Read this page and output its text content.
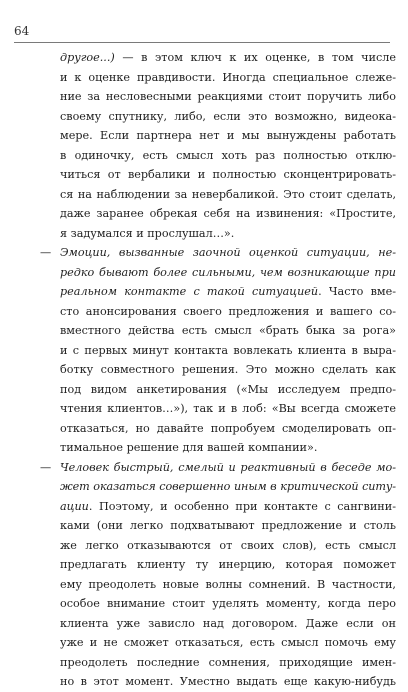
64
другое...) — в этом ключ к их оценке, в том числе
и к оценке правдивости. Иногда специальное слеже-
ние за несловесными реакциями стоит поручить либо
своему спутнику, либо, если это возможно, видеока-
мере. Если партнера нет и мы вынуждены работать
в одиночку, есть смысл хоть раз полностью отклю-
читься от вербалики и полностью сконцентрировать-
ся на наблюдении за невербаликой. Это стоит сделать,
даже заранее обрекая себя на извинения: «Простите,
я задумался и прослушал…».
— Эмоции, вызванные заочной оценкой ситуации, не-
редко бывают более сильными, чем возникающие при
реальном контакте с такой ситуацией. Часто вме-
сто анонсирования своего предложения и вашего со-
вместного действа есть смысл «брать быка за рога»
и с первых минут контакта вовлекать клиента в выра-
ботку совместного решения. Это можно сделать как
под видом анкетирования («Мы исследуем предпо-
чтения клиентов…»), так и в лоб: «Вы всегда сможете
отказаться, но давайте попробуем смоделировать оп-
тимальное решение для вашей компании».
— Человек быстрый, смелый и реактивный в беседе мо-
жет оказаться совершенно иным в критической ситу-
ации. Поэтому, и особенно при контакте с сангвини-
ками (они легко подхватывают предложение и столь
же легко отказываются от своих слов), есть смысл
предлагать клиенту ту инерцию, которая поможет
ему преодолеть новые волны сомнений. В частности,
особое внимание стоит уделять моменту, когда перо
клиента уже зависло над договором. Даже если он
уже и не сможет отказаться, есть смысл помочь ему
преодолеть последние сомнения, приходящие имен-
но в этот момент. Уместно выдать еще какую-нибудь
